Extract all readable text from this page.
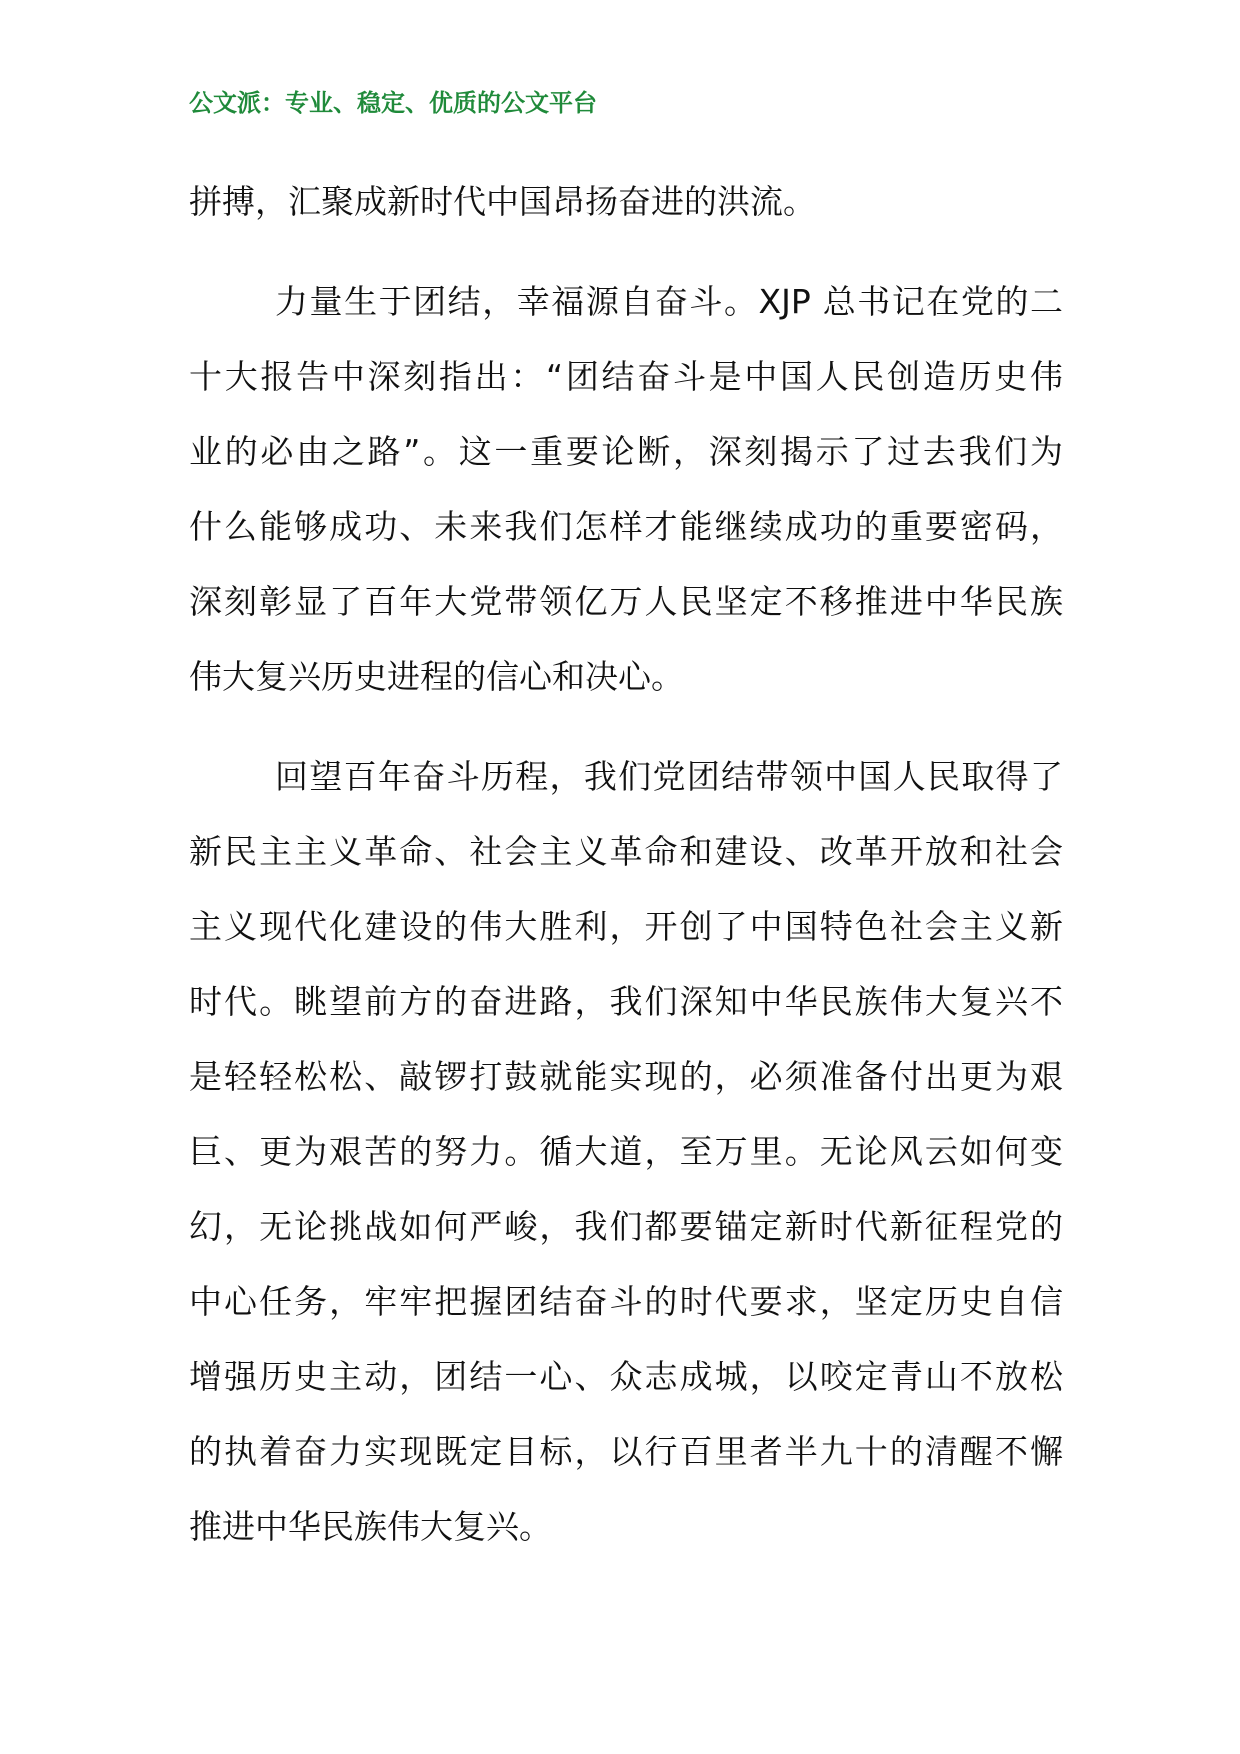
公文派：专业、稳定、优质的公文平台
拼搏，汇聚成新时代中国昂扬奋进的洪流。
力量生于团结，幸福源自奋斗。XJP 总书记在党的二
十大报告中深刻指出：“团结奋斗是中国人民创造历史伟
业的必由之路”。这一重要论断，深刻揭示了过去我们为
什么能够成功、未来我们怎样才能继续成功的重要密码，
深刻彰显了百年大党带领亿万人民坚定不移推进中华民族
伟大复兴历史进程的信心和决心。
回望百年奋斗历程，我们党团结带领中国人民取得了
新民主主义革命、社会主义革命和建设、改革开放和社会
主义现代化建设的伟大胜利，开创了中国特色社会主义新
时代。眺望前方的奋进路，我们深知中华民族伟大复兴不
是轻轻松松、敲锣打鼓就能实现的，必须准备付出更为艰
巨、更为艰苦的努力。循大道，至万里。无论风云如何变
幻，无论挑战如何严峻，我们都要锚定新时代新征程党的
中心任务，牢牢把握团结奋斗的时代要求，坚定历史自信
增强历史主动，团结一心、众志成城，以咬定青山不放松
的执着奋力实现既定目标，以行百里者半九十的清醒不懈
推进中华民族伟大复兴。
